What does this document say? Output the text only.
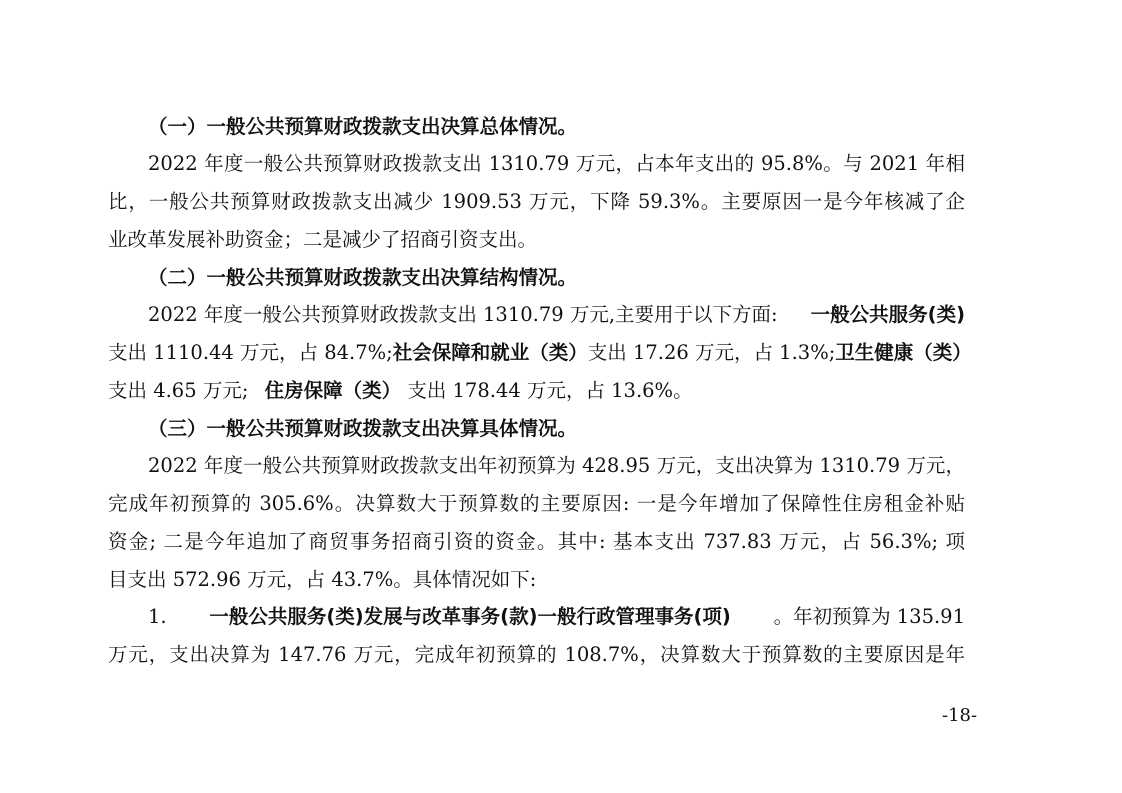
（一）一般公共预算财政拨款支出决算总体情况。

2022 年度一般公共预算财政拨款支出 1310.79 万元，占本年支出的 95.8%。与 2021 年相

比，一般公共预算财政拨款支出减少 1909.53 万元，下降 59.3%。主要原因一是今年核减了企

业改革发展补助资金；二是减少了招商引资支出。

（二）一般公共预算财政拨款支出决算结构情况。

2022 年度一般公共预算财政拨款支出 1310.79 万元,主要用于以下方面: 一般公共服务(类)

支出 1110.44 万元，占 84.7%; 社会保障和就业（类） 支出 17.26 万元，占 1.3%; 卫生健康（类）

支出 4.65 万元; 住房保障（类） 支出 178.44 万元，占 13.6%。

（三）一般公共预算财政拨款支出决算具体情况。

2022 年度一般公共预算财政拨款支出年初预算为 428.95 万元，支出决算为 1310.79 万元，

完成年初预算的 305.6%。决算数大于预算数的主要原因: 一是今年增加了保障性住房租金补贴

资金; 二是今年追加了商贸事务招商引资的资金。其中: 基本支出 737.83 万元，占 56.3%; 项

目支出 572.96 万元，占 43.7%。具体情况如下:

1. 一般公共服务(类)发展与改革事务(款)一般行政管理事务(项) 。年初预算为 135.91

万元，支出决算为 147.76 万元，完成年初预算的 108.7%，决算数大于预算数的主要原因是年

-18-
